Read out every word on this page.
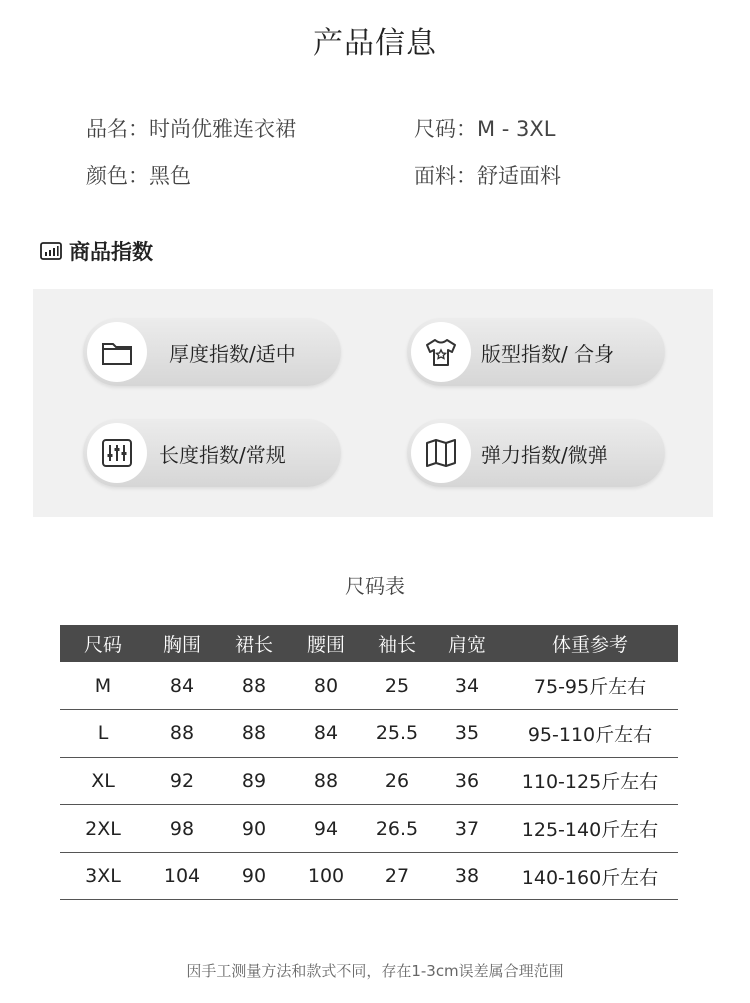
产品信息
品名：时尚优雅连衣裙	尺码：M - 3XL
颜色：黑色	面料：舒适面料
商品指数
厚度指数/适中	版型指数/ 合身
长度指数/常规	弹力指数/微弹
尺码表
尺码	胸围	裙长	腰围	袖长	肩宽	体重参考
M	84	88	80	25	34	75-95斤左右
L	88	88	84	25.5	35	95-110斤左右
XL	92	89	88	26	36	110-125斤左右
2XL	98	90	94	26.5	37	125-140斤左右
3XL	104	90	100	27	38	140-160斤左右
因手工测量方法和款式不同，存在1-3cm误差属合理范围
